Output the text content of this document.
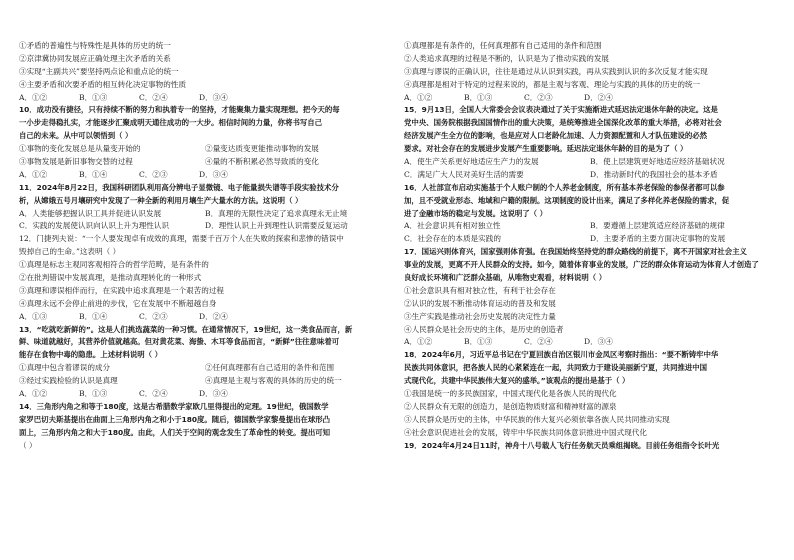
①矛盾的普遍性与特殊性是具体的历史的统一
②京津冀协同发展应正确处理主次矛盾的关系
③实现“主副共兴”要坚持两点论和重点论的统一
④主要矛盾和次要矛盾的相互转化决定事物的性质
A．①②	B．①③	C．②④	D．③④
10．成功没有捷径，只有持续不断的努力和执着专一的坚持，才能聚集力量实现理想。把今天的每
一小步走得稳扎实，才能逐步汇聚成明天通往成功的一大步。相信时间的力量，你将书写自己
自己的未来。从中可以领悟到（ ）
①事物的变化发展总是从量变开始的	②量变达质变更能推动事物的发展
③事物发展是新旧事物交替的过程	④量的不断积累必然导致质的变化
A．①②	B．①④	C．②③	D．③④
11．2024年8月22日，我国科研团队利用高分辨电子显微镜、电子能量损失谱等手段实验技术分
析，从嫦娥五号月壤研究中发现了一种全新的利用月壤生产大量水的方法。这说明（ ）
A．人类能够把握认识工具并促进认识发展	B．真理的无限性决定了追求真理永无止境
C．实践的发展使认识向认识上升为理性认识	D．理性认识上升到理性认识需要反复运动
12．门捷列夫说：“一个人要发现卓有成效的真理，需要千百万个人在失败的探索和悲惨的错误中
毁掉自己的生命。”这表明（ ）
①真理是标志主观同客观相符合的哲学范畴，是有条件的
②在批判错误中发展真理，是推动真理转化的一种形式
③真理和谬误相伴而行，在实践中追求真理是一个艰苦的过程
④真理永远不会停止前进的步伐，它在发展中不断超越自身
A．①③	B．①④	C．②③	D．②④
13．“吃就吃新鲜的”。这是人们挑选蔬菜的一种习惯。在通常情况下，19世纪，这一类食品而言，新
鲜、味道就越好，其营养价值就越高。但对黄花菜、海蛰、木耳等食品而言，“新鲜”往往意味着可
能存在食物中毒的隐患。上述材料说明（ ）
①真理中包含着谬误的成分	②任何真理都有自己适用的条件和范围
③经过实践检验的认识是真理	④真理是主观与客观的具体的历史的统一
A．①②	B．①③	C．②④	D．③④
14．三角形内角之和等于180度，这是古希腊数学家欧几里得提出的定理。19世纪，俄国数学
家罗巴切夫斯基提出在曲面上三角形内角之和小于180度。随后，德国数学家黎曼提出在球形凸
面上，三角形内角之和大于180度。由此，人们关于空间的观念发生了革命性的转变。提出可知
（ ）
①真理都是有条件的，任何真理都有自己适用的条件和范围
②人类追求真理的过程是不断的，认识是为了推动实践的发展
③真理与谬误的正确认识，往往是通过从认识到实践，再从实践到认识的多次反复才能实现
④真理都是相对于特定的过程来说的，都是主观与客观、理论与实践的具体的历史的统一
A．①②	B．①③	C．②③	D．②④
15．9月13日，全国人大常委会会议表决通过了关于实施渐进式延迟法定退休年龄的决定。这是
党中央、国务院根据我国国情作出的重大决策，是统筹推进全国深化改革的重大举措，必将对社会
经济发展产生全方位的影响，也是应对人口老龄化加速、人力资源配置和人才队伍建设的必然
要求。对社会存在的发展进步发展产生重要影响。延迟法定退休年龄的目的是为了（ ）
A．使生产关系更好地适应生产力的发展	B．使上层建筑更好地适应经济基础状况
C．满足广大人民对美好生活的需要	D．推动新时代的我国社会的基本矛盾
16．人社部宣布启动实施基于个人账户制的个人养老金制度，所有基本养老保险的参保者都可以参
加，且不受就业形态、地域和户籍的限制。这项制度的设计出来，满足了多样化养老保险的需求，促
进了金融市场的稳定与发展。这说明了（ ）
A．社会意识具有相对独立性	B．要遵循上层建筑适应经济基础的规律
C．社会存在的本质是实践的	D．主要矛盾的主要方面决定事物的发展
17．国运兴则体育兴，国家强则体育强。在我国始终坚持党的群众路线的前提下，离不开国家对社会主义
事业的发展，更离不开人民群众的支持。如今，随着体育事业的发展，广泛的群众体育运动为体育人才创造了
良好成长环境和广泛群众基础，从唯物史观看，材料说明（ ）
①社会意识具有相对独立性，有利于社会存在
②认识的发展不断推动体育运动的普及和发展
③生产实践是推动社会历史发展的决定性力量
④人民群众是社会历史的主体，是历史的创造者
A．①②	B．①③	C．②④	D．③④
18．2024年6月，习近平总书记在宁夏回族自治区银川市金凤区考察时指出：“要不断铸牢中华
民族共同体意识，把各族人民的心紧紧连在一起，共同致力于建设美丽新宁夏，共同推进中国
式现代化，共建中华民族伟大复兴的盛举。”该观点的提出是基于（ ）
①我国是统一的多民族国家，中国式现代化是各族人民的现代化
②人民群众有无限的创造力，是创造物质财富和精神财富的源泉
③人民群众是历史的主体，中华民族的伟大复兴必须依靠各族人民共同推动实现
④社会意识促进社会的发展，铸牢中华民族共同体意识推进中国式现代化
19．2024年4月24日11时，神舟十八号载人飞行任务航天员乘组揭晓。目前任务组指令长叶光
